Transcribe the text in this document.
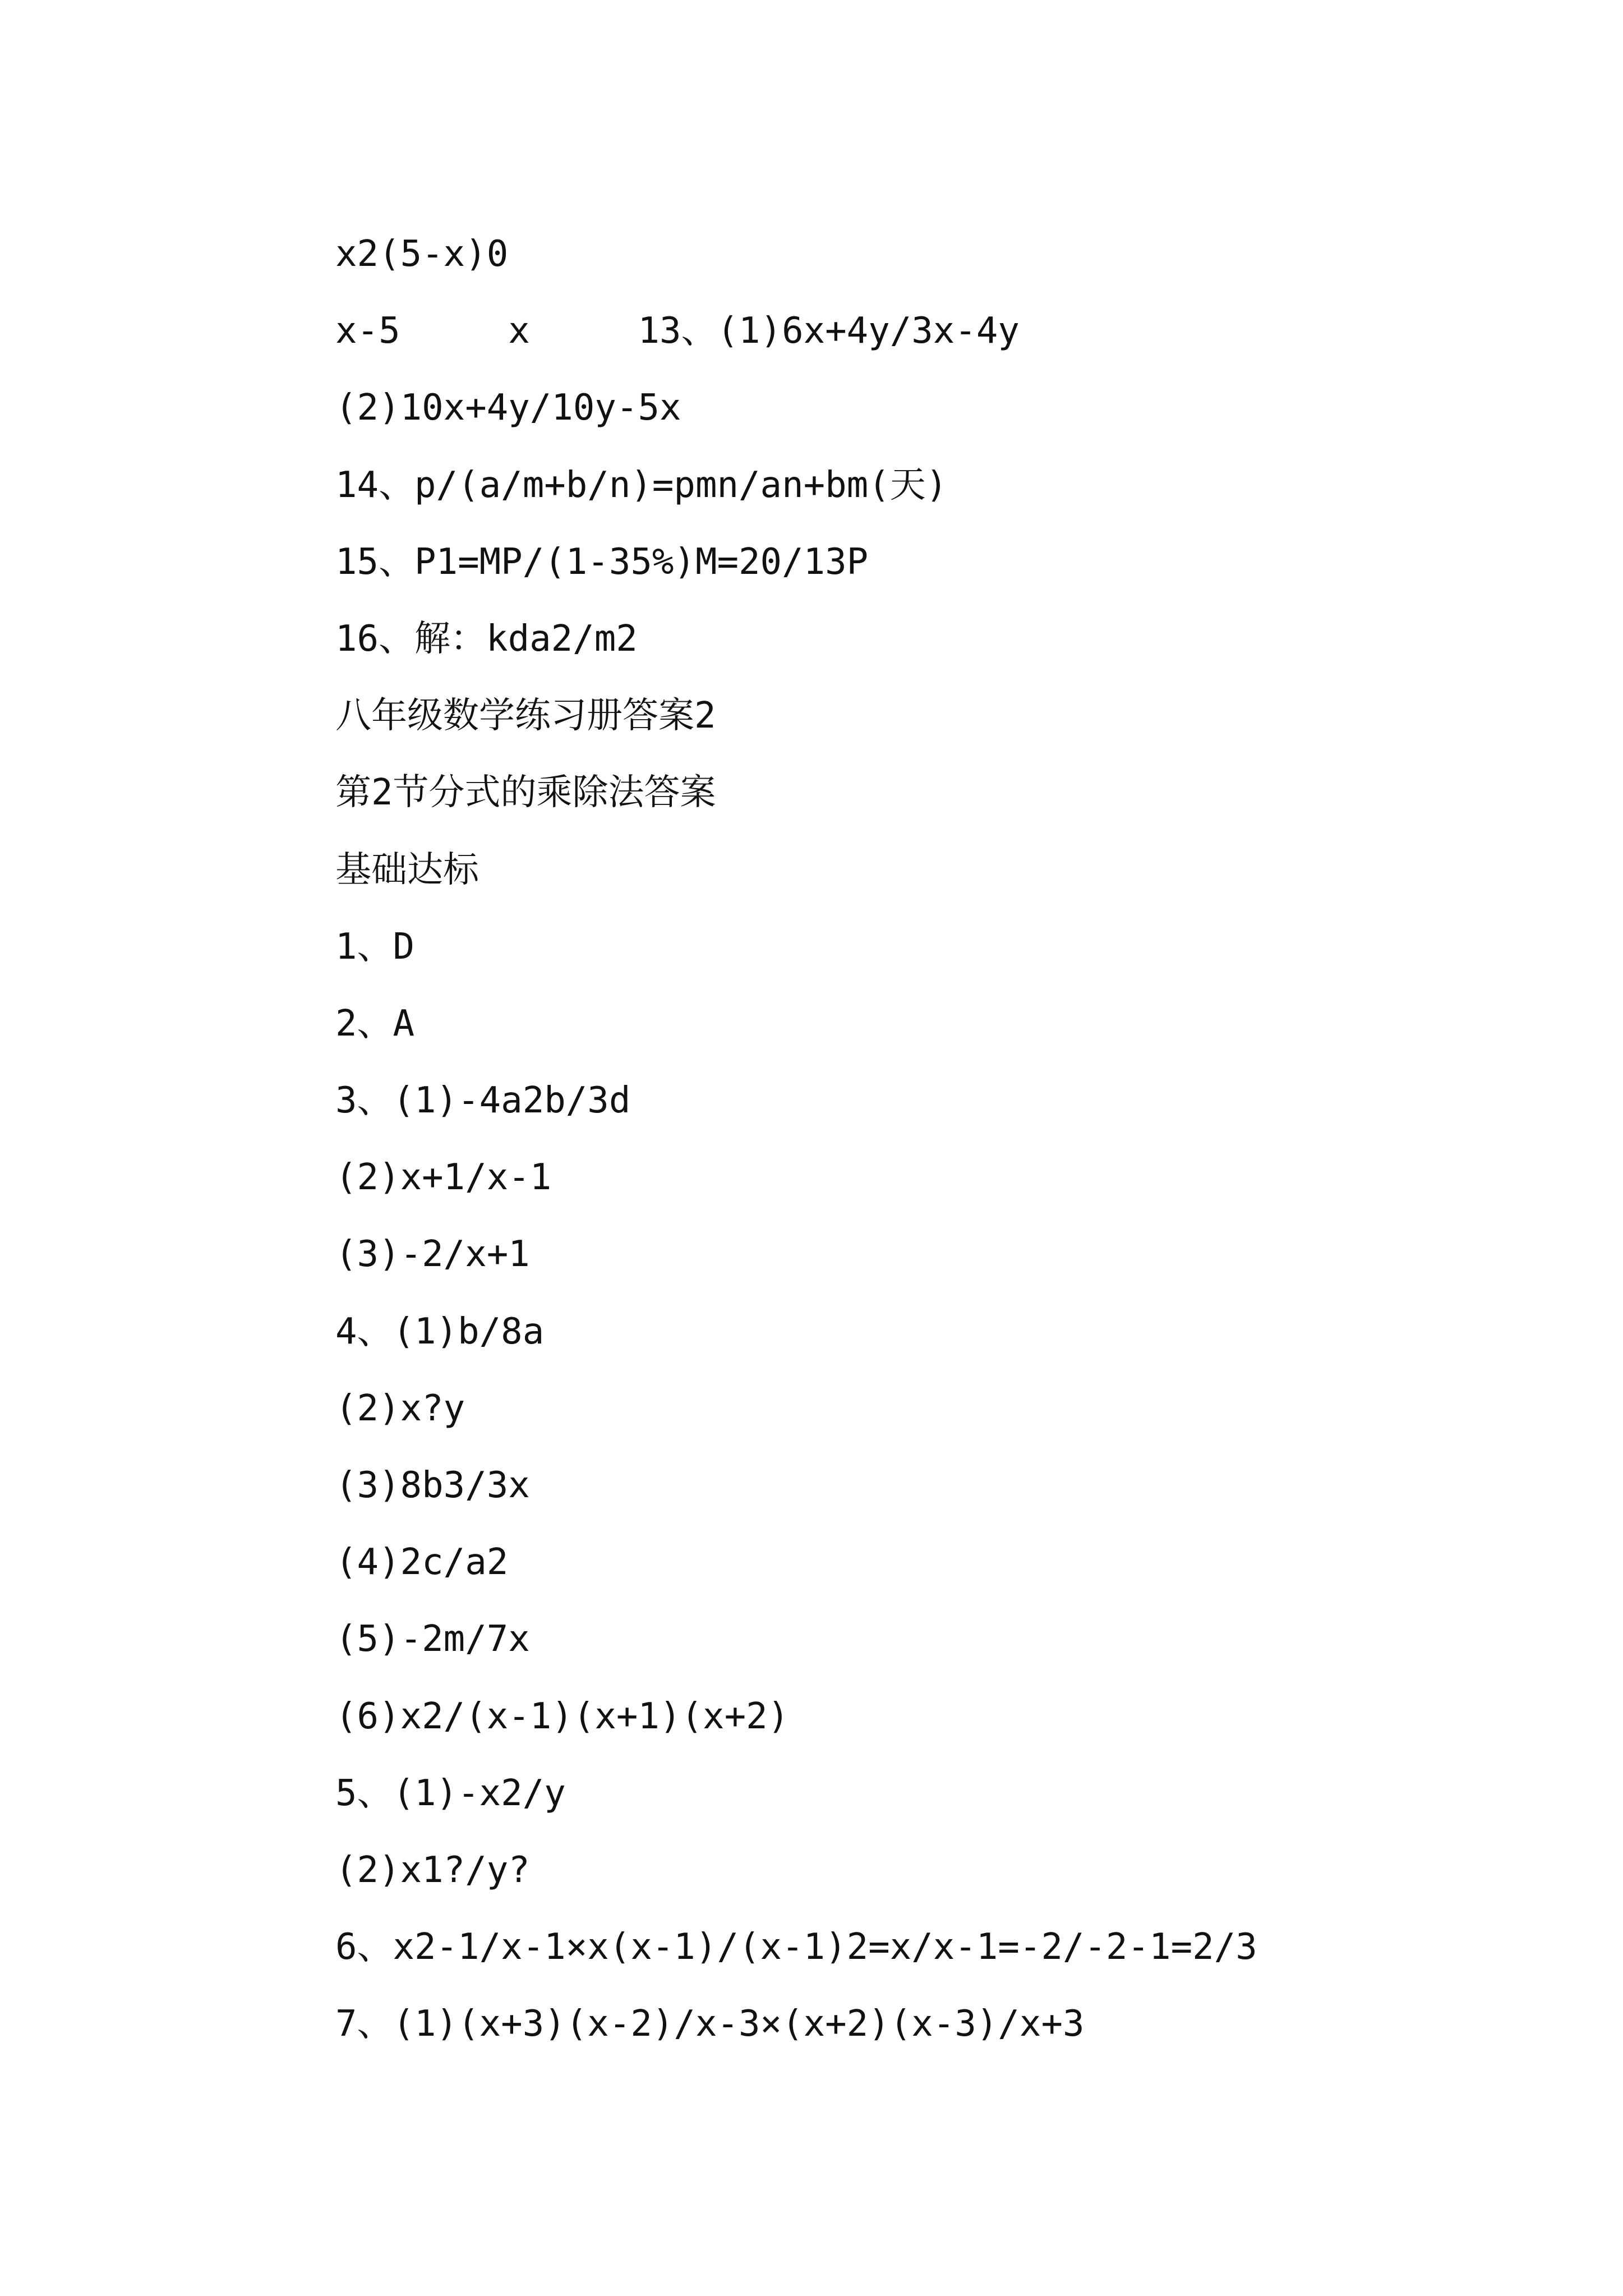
x2(5-x)0
x-5     x     13、(1)6x+4y/3x-4y
(2)10x+4y/10y-5x
14、p/(a/m+b/n)=pmn/an+bm(天)
15、P1=MP/(1-35%)M=20/13P
16、解：kda2/m2
八年级数学练习册答案2
第2节分式的乘除法答案
基础达标
1、D
2、A
3、(1)-4a2b/3d
(2)x+1/x-1
(3)-2/x+1
4、(1)b/8a
(2)x?y
(3)8b3/3x
(4)2c/a2
(5)-2m/7x
(6)x2/(x-1)(x+1)(x+2)
5、(1)-x2/y
(2)x1?/y?
6、x2-1/x-1×x(x-1)/(x-1)2=x/x-1=-2/-2-1=2/3
7、(1)(x+3)(x-2)/x-3×(x+2)(x-3)/x+3
